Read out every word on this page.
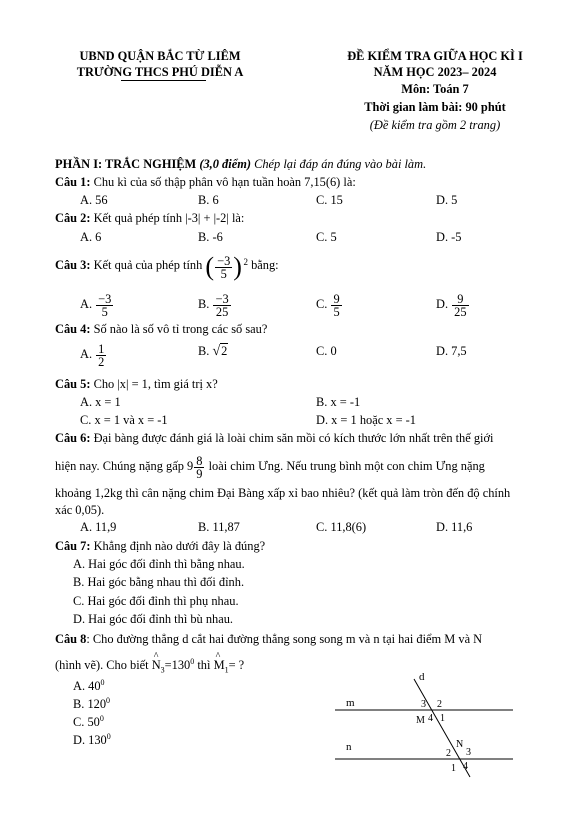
UBND QUẬN BẮC TỪ LIÊM
TRƯỜNG THCS PHÚ DIỄN A
ĐỀ KIỂM TRA GIỮA HỌC KÌ I
NĂM HỌC 2023– 2024
Môn: Toán 7
Thời gian làm bài: 90 phút
(Đề kiểm tra gồm 2 trang)
PHẦN I: TRẮC NGHIỆM (3,0 điểm) Chép lại đáp án đúng vào bài làm.
Câu 1: Chu kì của số thập phân vô hạn tuần hoàn 7,15(6) là:
A. 56	B. 6	C. 15	D. 5
Câu 2: Kết quả phép tính |-3| + |-2| là:
A. 6	B. -6	C. 5	D. -5
Câu 3: Kết quả của phép tính ( $\frac{-3}{5}$ ) 2 bằng:
A. $\frac{-3}{5}$	B. $\frac{-3}{25}$	C. $\frac{9}{5}$	D. $\frac{9}{25}$
Câu 4: Số nào là số vô tỉ trong các số sau?
A. $\frac{1}{2}$	B. √2	C. 0	D. 7,5
Câu 5: Cho |x| = 1, tìm giá trị x?
A. x = 1	B. x = -1
C. x = 1 và x = -1	D. x = 1 hoặc x = -1
Câu 6: Đại bàng được đánh giá là loài chim săn mồi có kích thước lớn nhất trên thế giới
hiện nay. Chúng nặng gấp $9 \frac{8}{9}$ loài chim Ưng. Nếu trung bình một con chim Ưng nặng
khoảng 1,2kg thì cân nặng chim Đại Bàng xấp xỉ bao nhiêu? (kết quả làm tròn đến độ chính
xác 0,05).
A. 11,9	B. 11,87	C. 11,8(6)	D. 11,6
Câu 7: Khẳng định nào dưới đây là đúng?
A. Hai góc đối đỉnh thì bằng nhau.
B. Hai góc bằng nhau thì đối đỉnh.
C. Hai góc đối đỉnh thì phụ nhau.
D. Hai góc đối đỉnh thì bù nhau.
Câu 8: Cho đường thẳng d cắt hai đường thẳng song song m và n tại hai điểm M và N
(hình vẽ). Cho biết ^ $N_3=130^0$ thì ^ $M_1=$ ?
A. $40^0$
B. $120^0$
C. $50^0$
D. $130^0$
d
m
n
3 2
M 4 1
N
2 3
1 4
